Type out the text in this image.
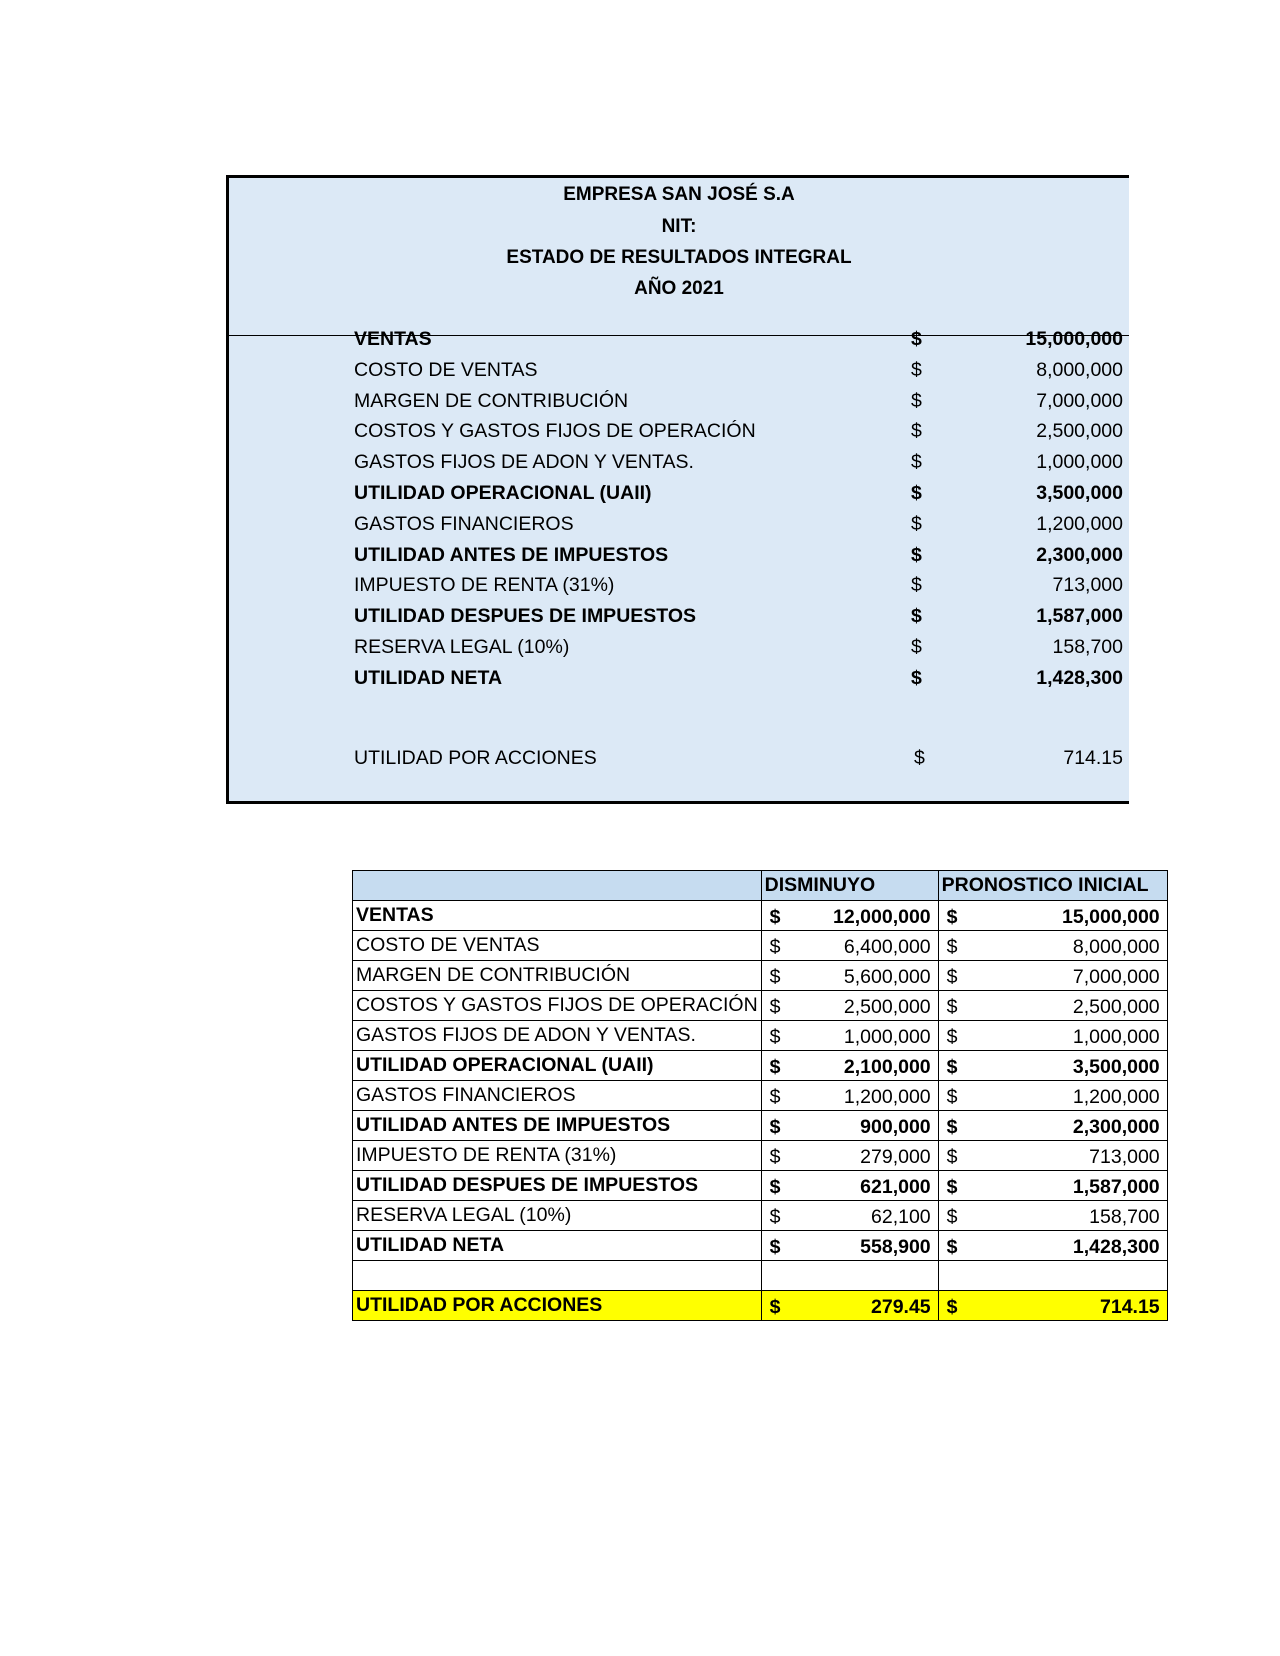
EMPRESA SAN JOSÉ S.A
NIT:
ESTADO DE RESULTADOS INTEGRAL
AÑO 2021
VENTAS	$	15,000,000
COSTO DE VENTAS	$	8,000,000
MARGEN DE CONTRIBUCIÓN	$	7,000,000
COSTOS Y GASTOS FIJOS DE OPERACIÓN	$	2,500,000
GASTOS FIJOS DE ADON Y VENTAS.	$	1,000,000
UTILIDAD OPERACIONAL (UAII)	$	3,500,000
GASTOS FINANCIEROS	$	1,200,000
UTILIDAD ANTES DE IMPUESTOS	$	2,300,000
IMPUESTO DE RENTA (31%)	$	713,000
UTILIDAD DESPUES DE IMPUESTOS	$	1,587,000
RESERVA LEGAL (10%)	$	158,700
UTILIDAD NETA	$	1,428,300
UTILIDAD POR ACCIONES	$	714.15
	DISMINUYO	PRONOSTICO INICIAL
VENTAS	$ 12,000,000	$ 15,000,000

COSTO DE VENTAS	$ 6,400,000	$ 8,000,000

MARGEN DE CONTRIBUCIÓN	$ 5,600,000	$ 7,000,000

COSTOS Y GASTOS FIJOS DE OPERACIÓN	$ 2,500,000	$ 2,500,000

GASTOS FIJOS DE ADON Y VENTAS.	$ 1,000,000	$ 1,000,000

UTILIDAD OPERACIONAL (UAII)	$ 2,100,000	$ 3,500,000

GASTOS FINANCIEROS	$ 1,200,000	$ 1,200,000

UTILIDAD ANTES DE IMPUESTOS	$ 900,000	$ 2,300,000

IMPUESTO DE RENTA (31%)	$ 279,000	$ 713,000

UTILIDAD DESPUES DE IMPUESTOS	$ 621,000	$ 1,587,000

RESERVA LEGAL (10%)	$ 62,100	$ 158,700

UTILIDAD NETA	$ 558,900	$ 1,428,300

UTILIDAD POR ACCIONES	$ 279.45	$ 714.15
